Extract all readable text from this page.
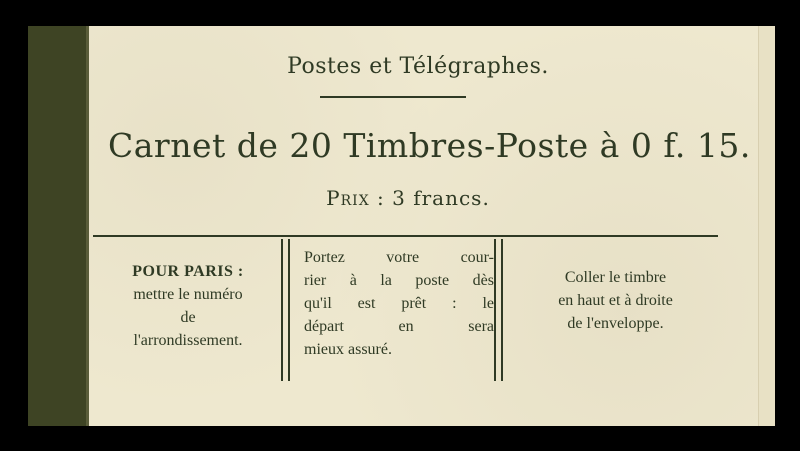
Postes et Télégraphes.
Carnet de 20 Timbres-Poste à 0 f. 15.
Prix : 3 francs.
POUR PARIS :
mettre le numéro
de
l'arrondissement.
Portez votre cour-
rier à la poste dès
qu'il est prêt : le
départ en sera
mieux assuré.
Coller le timbre
en haut et à droite
de l'enveloppe.
